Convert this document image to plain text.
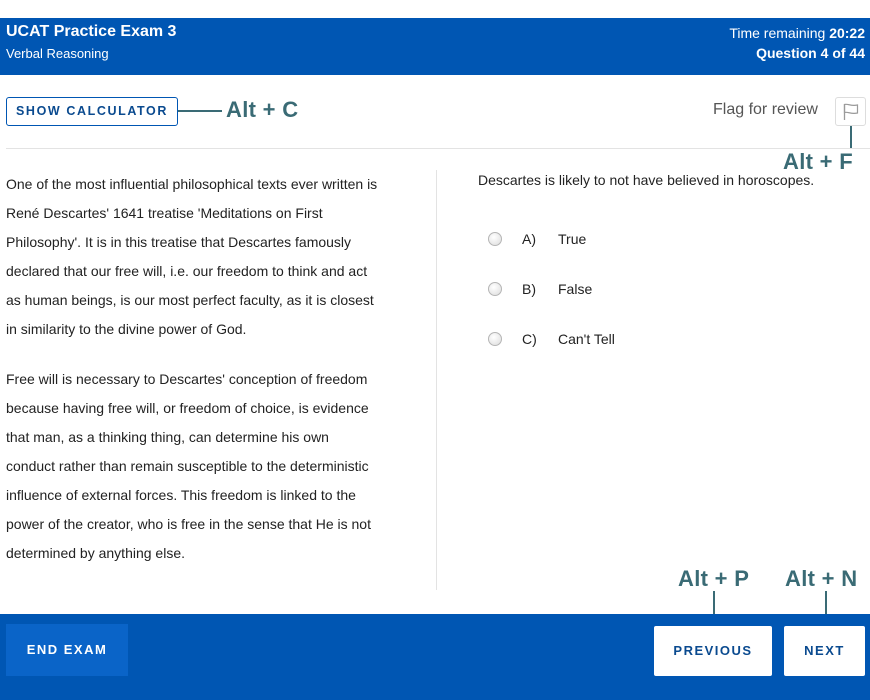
UCAT Practice Exam 3
Verbal Reasoning
Time remaining 20:22
Question 4 of 44
SHOW CALCULATOR	Alt + C	Flag for review
Alt + F

One of the most influential philosophical texts ever written is
René Descartes' 1641 treatise 'Meditations on First
Philosophy'. It is in this treatise that Descartes famously
declared that our free will, i.e. our freedom to think and act
as human beings, is our most perfect faculty, as it is closest
in similarity to the divine power of God.

Free will is necessary to Descartes' conception of freedom
because having free will, or freedom of choice, is evidence
that man, as a thinking thing, can determine his own
conduct rather than remain susceptible to the deterministic
influence of external forces. This freedom is linked to the
power of the creator, who is free in the sense that He is not
determined by anything else.

Descartes is likely to not have believed in horoscopes.
A) True
B) False
C) Can't Tell
Alt + P Alt + N
END EXAM	PREVIOUS	NEXT
